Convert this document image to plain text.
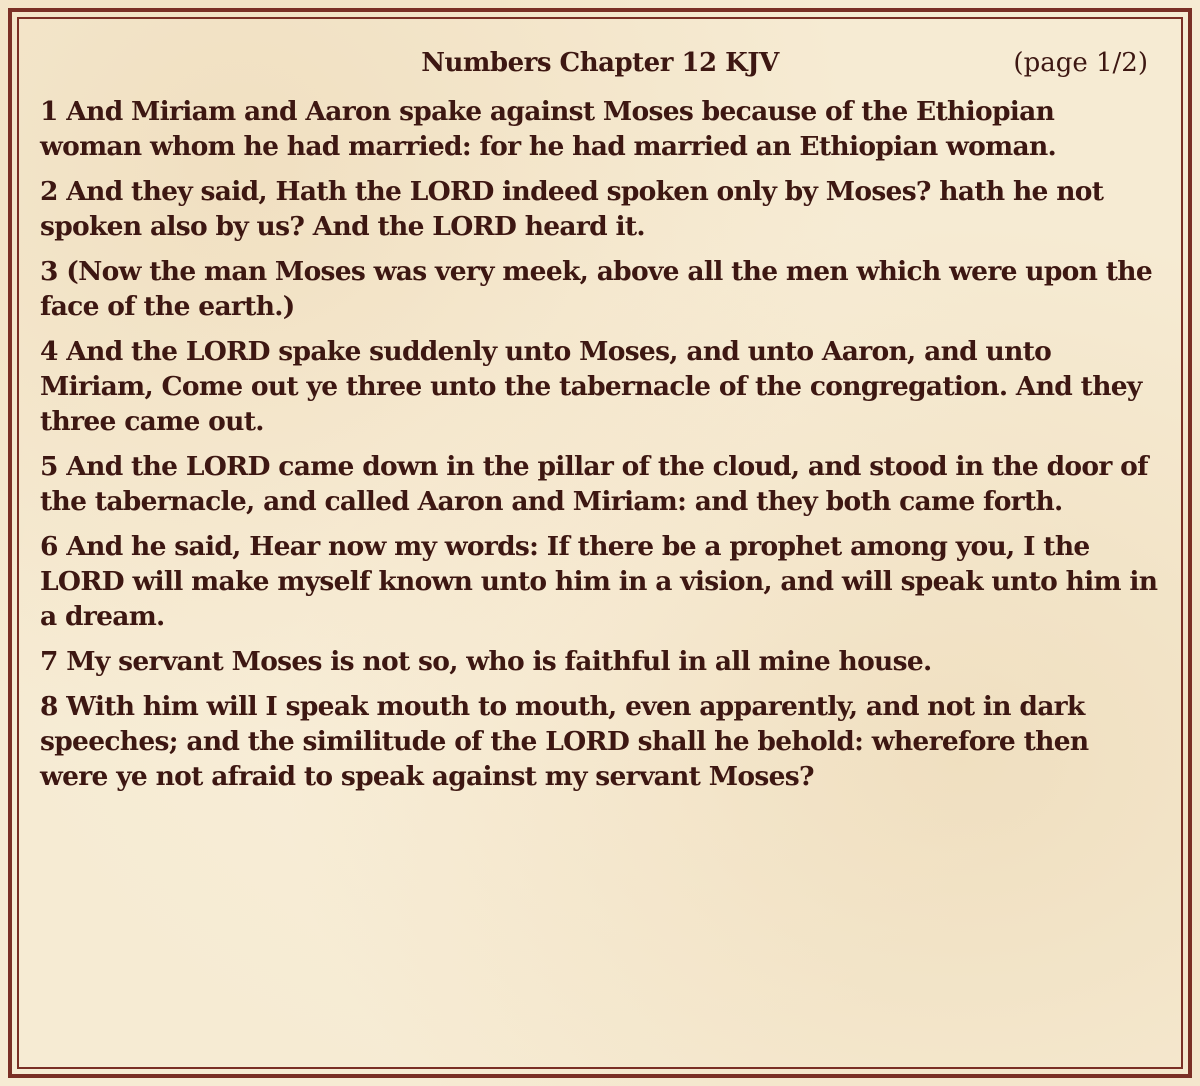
Numbers Chapter 12 KJV	(page 1/2)

1 And Miriam and Aaron spake against Moses because of the Ethiopian woman whom he had married: for he had married an Ethiopian woman.

2 And they said, Hath the LORD indeed spoken only by Moses? hath he not spoken also by us? And the LORD heard it.

3 (Now the man Moses was very meek, above all the men which were upon the face of the earth.)

4 And the LORD spake suddenly unto Moses, and unto Aaron, and unto Miriam, Come out ye three unto the tabernacle of the congregation. And they three came out.

5 And the LORD came down in the pillar of the cloud, and stood in the door of the tabernacle, and called Aaron and Miriam: and they both came forth.

6 And he said, Hear now my words: If there be a prophet among you, I the LORD will make myself known unto him in a vision, and will speak unto him in a dream.

7 My servant Moses is not so, who is faithful in all mine house.

8 With him will I speak mouth to mouth, even apparently, and not in dark speeches; and the similitude of the LORD shall he behold: wherefore then were ye not afraid to speak against my servant Moses?
